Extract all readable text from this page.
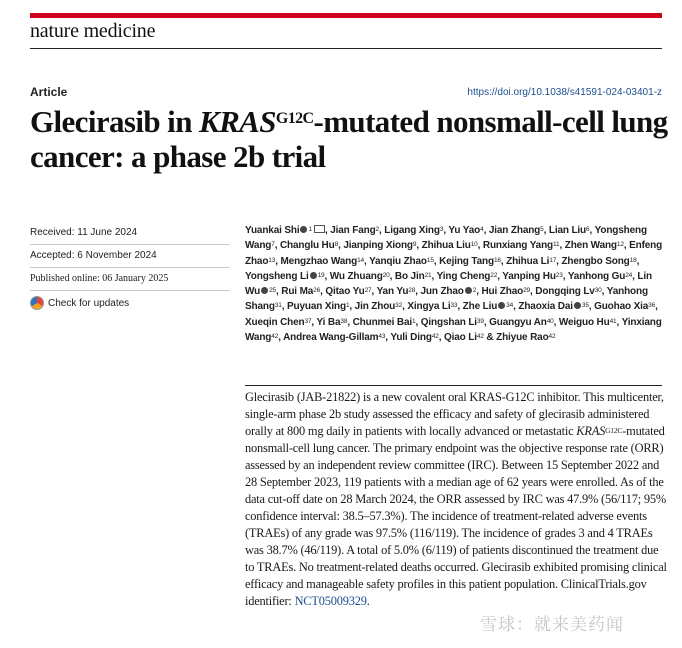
nature medicine
Article	https://doi.org/10.1038/s41591-024-03401-z
Glecirasib in $KRAS^{G12C}$-mutated nonsmall-cell lung cancer: a phase 2b trial
Received: 11 June 2024
Accepted: 6 November 2024
Published online: 06 January 2025
Check for updates

Yuankai Shi $^1$ , Jian Fang$^2$, Ligang Xing$^3$, Yu Yao$^4$, Jian Zhang$^5$, Lian Liu$^6$, Yongsheng Wang$^7$, Changlu Hu$^8$, Jianping Xiong$^9$, Zhihua Liu$^{10}$, Runxiang Yang$^{11}$, Zhen Wang$^{12}$, Enfeng Zhao$^{13}$, Mengzhao Wang$^{14}$, Yanqiu Zhao$^{15}$, Kejing Tang$^{16}$, Zhihua Li$^{17}$, Zhengbo Song$^{18}$, Yongsheng Li $^{19}$, Wu Zhuang$^{20}$, Bo Jin$^{21}$, Ying Cheng$^{22}$, Yanping Hu$^{23}$, Yanhong Gu$^{24}$, Lin Wu $^{25}$, Rui Ma$^{26}$, Qitao Yu$^{27}$, Yan Yu$^{28}$, Jun Zhao $^2$, Hui Zhao$^{29}$, Dongqing Lv$^{30}$, Yanhong Shang$^{31}$, Puyuan Xing$^1$, Jin Zhou$^{32}$, Xingya Li$^{33}$, Zhe Liu $^{34}$, Zhaoxia Dai $^{35}$, Guohao Xia$^{36}$, Xueqin Chen$^{37}$, Yi Ba$^{38}$, Chunmei Bai$^1$, Qingshan Li$^{39}$, Guangyu An$^{40}$, Weiguo Hu$^{41}$, Yinxiang Wang$^{42}$, Andrea Wang-Gillam$^{43}$, Yuli Ding$^{42}$, Qiao Li$^{42}$ & Zhiyue Rao$^{42}$

Glecirasib (JAB-21822) is a new covalent oral KRAS-G12C inhibitor. This multicenter, single-arm phase 2b study assessed the efficacy and safety of glecirasib administered orally at 800 mg daily in patients with locally advanced or metastatic $KRAS^{G12C}$-mutated nonsmall-cell lung cancer. The primary endpoint was the objective response rate (ORR) assessed by an independent review committee (IRC). Between 15 September 2022 and 28 September 2023, 119 patients with a median age of 62 years were enrolled. As of the data cut-off date on 28 March 2024, the ORR assessed by IRC was 47.9% (56/117; 95% confidence interval: 38.5–57.3%). The incidence of treatment-related adverse events (TRAEs) of any grade was 97.5% (116/119). The incidence of grades 3 and 4 TRAEs was 38.7% (46/119). A total of 5.0% (6/119) of patients discontinued the treatment due to TRAEs. No treatment-related deaths occurred. Glecirasib exhibited promising clinical efficacy and manageable safety profiles in this patient population. ClinicalTrials.gov identifier: NCT05009329.

雪球：就来美药闻
